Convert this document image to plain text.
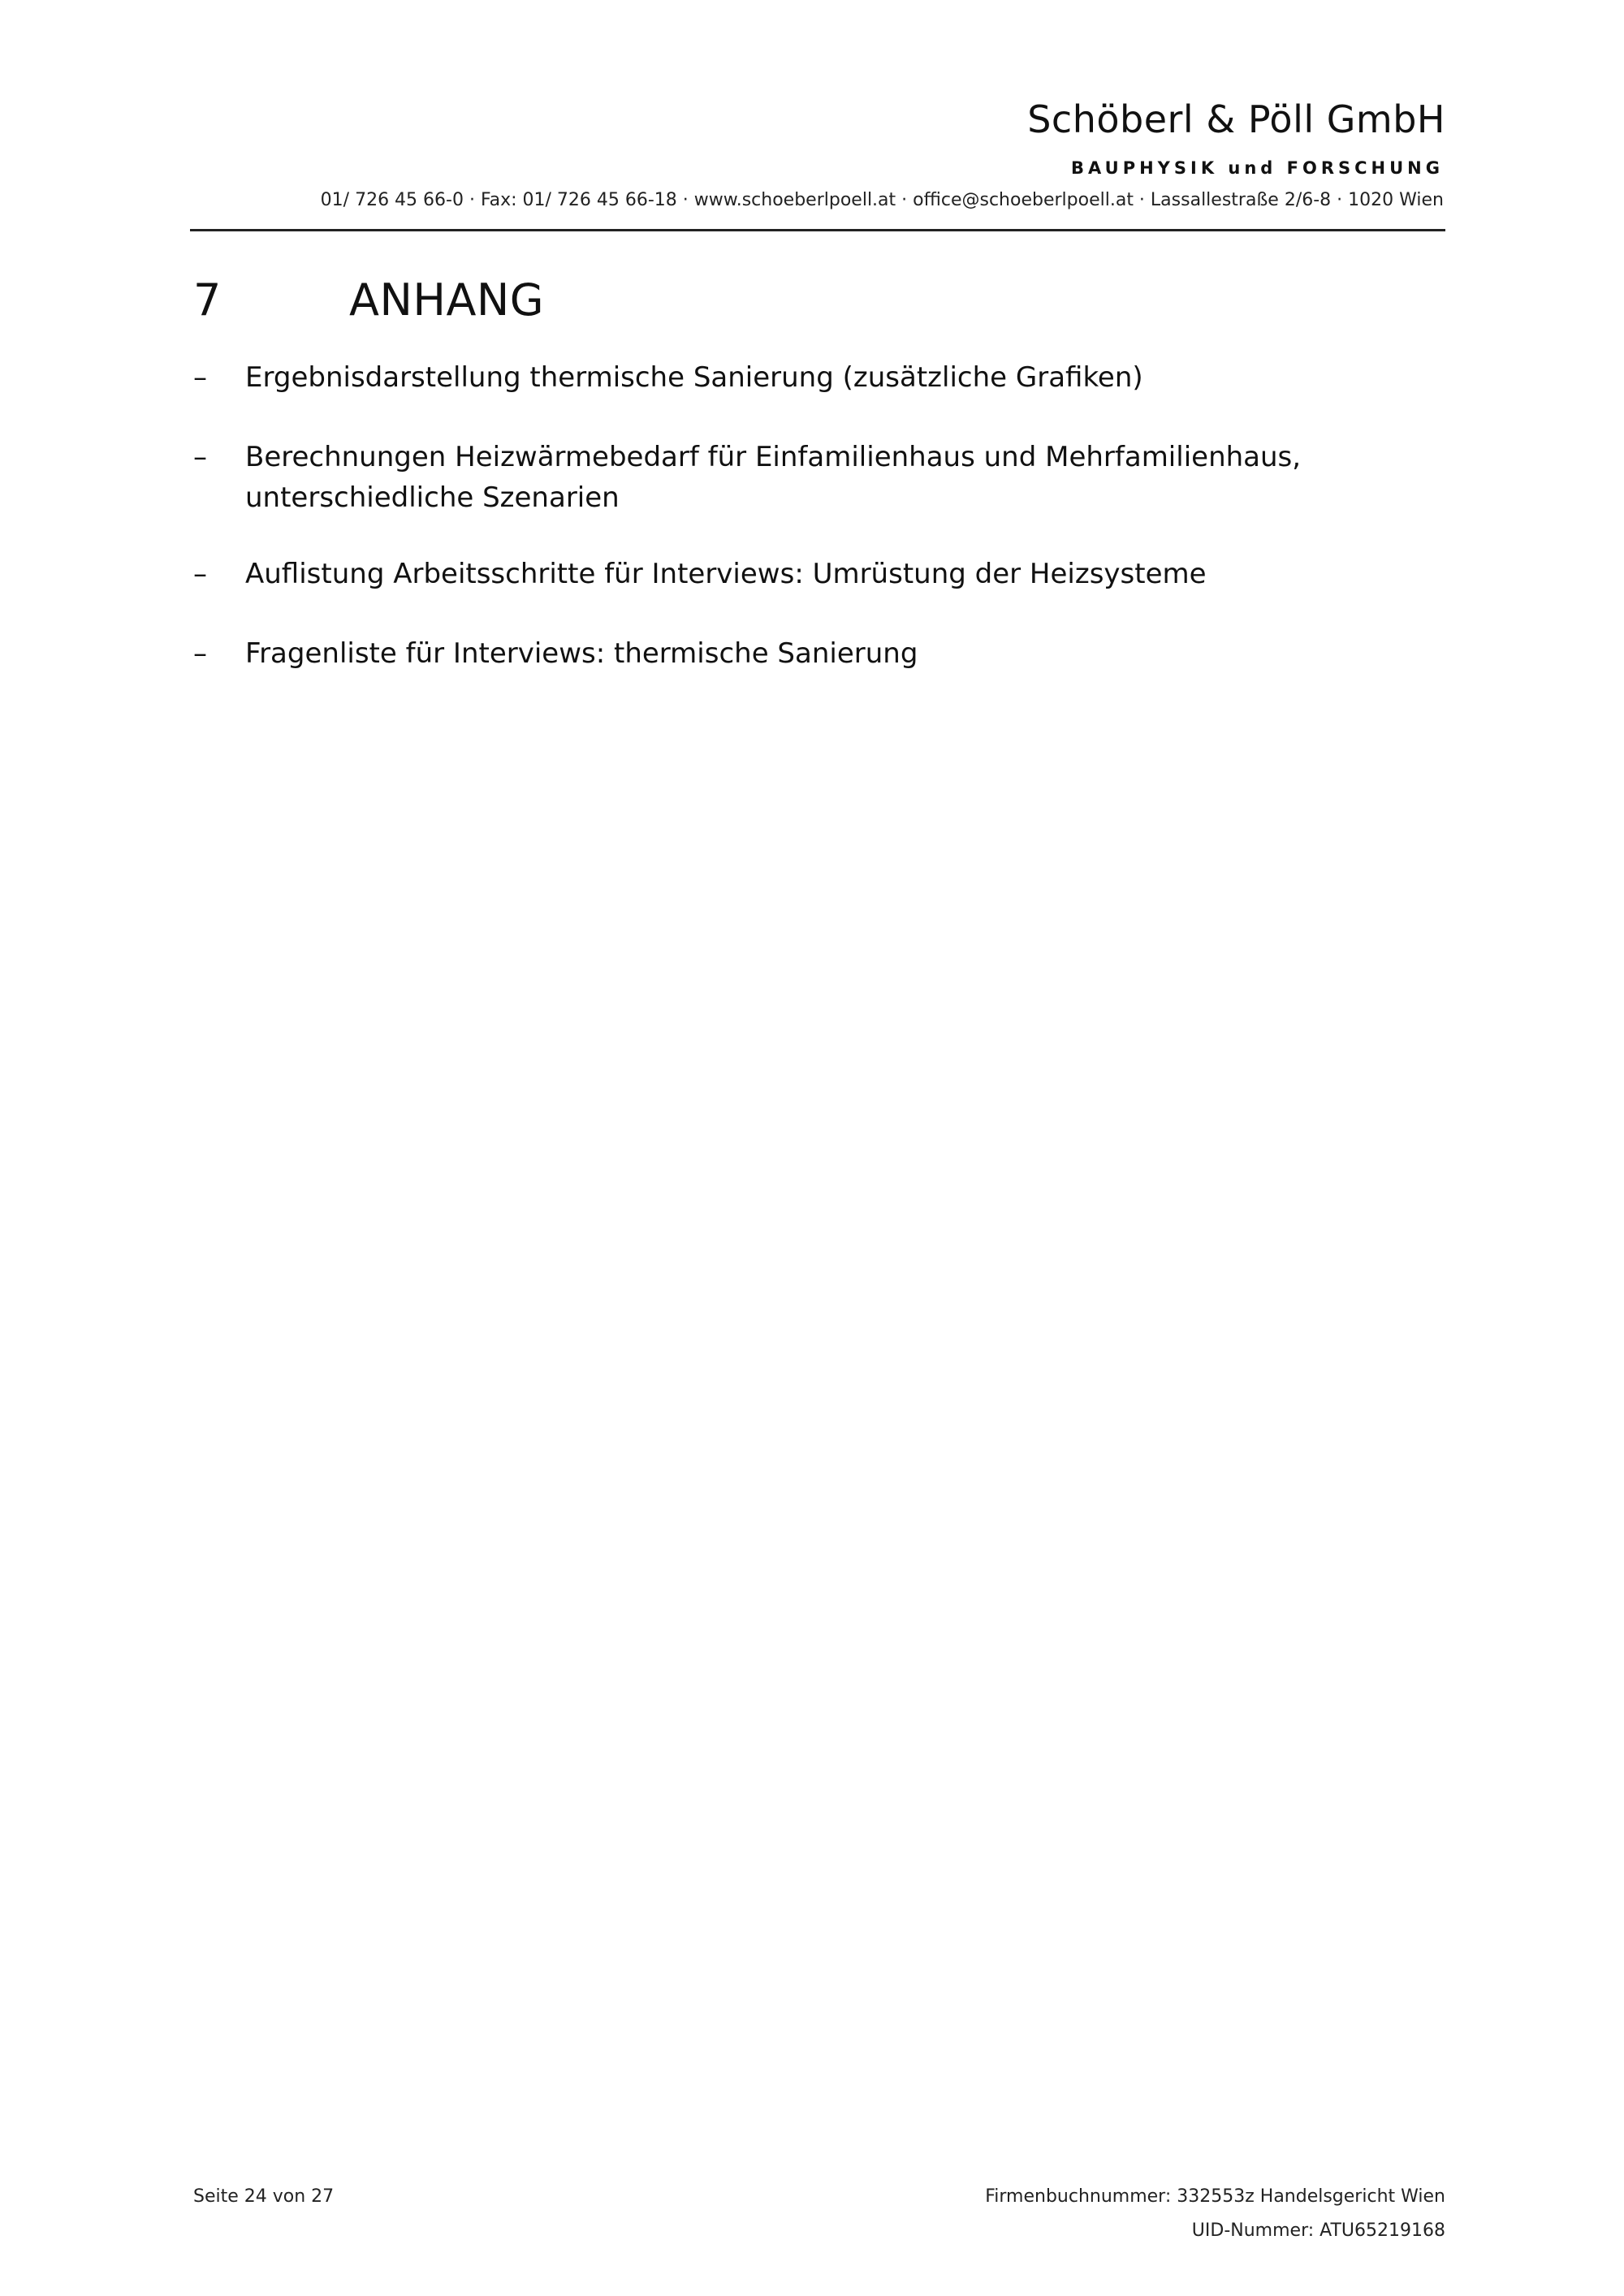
Schöberl & Pöll GmbH
BAUPHYSIK und FORSCHUNG
01/ 726 45 66-0 · Fax: 01/ 726 45 66-18 · www.schoeberlpoell.at · office@schoeberlpoell.at · Lassallestraße 2/6-8 · 1020 Wien
7	ANHANG
– Ergebnisdarstellung thermische Sanierung (zusätzliche Grafiken)
– Berechnungen Heizwärmebedarf für Einfamilienhaus und Mehrfamilienhaus, unterschiedliche Szenarien
– Auflistung Arbeitsschritte für Interviews: Umrüstung der Heizsysteme
– Fragenliste für Interviews: thermische Sanierung
Seite 24 von 27	Firmenbuchnummer: 332553z Handelsgericht Wien
UID-Nummer: ATU65219168
